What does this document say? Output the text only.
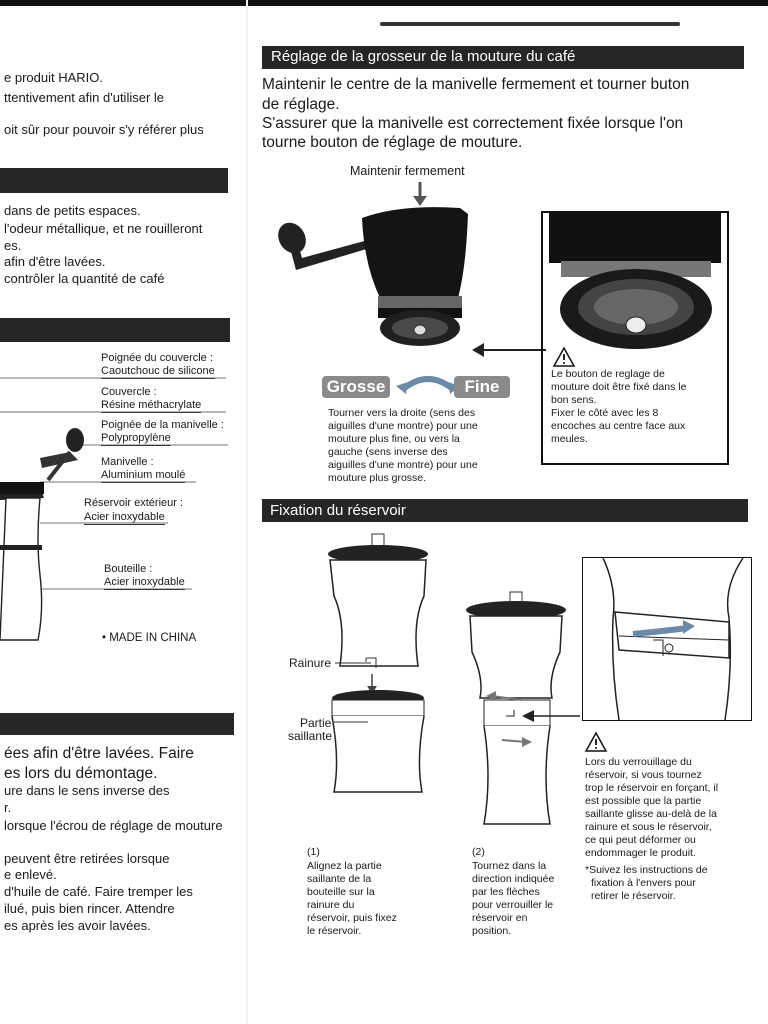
e produit HARIO.
ttentivement afin d'utiliser le
oit sûr pour pouvoir s'y référer plus
dans de petits espaces.
l'odeur métallique, et ne rouilleront
es.
afin d'être lavées.
contrôler la quantité de café
Poignée du couvercle :
Caoutchouc de silicone
Couvercle :
Résine méthacrylate
Poignée de la manivelle :
Polypropylène
Manivelle :
Aluminium moulé
Réservoir extérieur :
Acier inoxydable
Bouteille :
Acier inoxydable
• MADE IN CHINA
ées afin d'être lavées. Faire
es lors du démontage.
ure dans le sens inverse des
r.
lorsque l'écrou de réglage de mouture
peuvent être retirées lorsque
e enlevé.
d'huile de café. Faire tremper les
ilué, puis bien rincer. Attendre
es après les avoir lavées.
Réglage de la grosseur de la mouture du café
Maintenir le centre de la manivelle fermement et tourner buton
de réglage.
S'assurer que la manivelle est correctement fixée lorsque l'on
tourne bouton de réglage de mouture.
Maintenir fermement
Grosse	Fine
Tourner vers la droite (sens des
aiguilles d'une montre) pour une
mouture plus fine, ou vers la
gauche (sens inverse des
aiguilles d'une montre) pour une
mouture plus grosse.
Le bouton de reglage de
mouture doit être fixé dans le
bon sens.
Fixer le côté avec les 8
encoches au centre face aux
meules.
Fixation du réservoir
Rainure
Partie
saillante
(1)
Alignez la partie
saillante de la
bouteille sur la
rainure du
réservoir, puis fixez
le réservoir.
(2)
Tournez dans la
direction indiquée
par les flèches
pour verrouiller le
réservoir en
position.
Lors du verrouillage du
réservoir, si vous tournez
trop le réservoir en forçant, il
est possible que la partie
saillante glisse au-delà de la
rainure et sous le réservoir,
ce qui peut déformer ou
endommager le produit.
*Suivez les instructions de
fixation à l'envers pour
retirer le réservoir.
